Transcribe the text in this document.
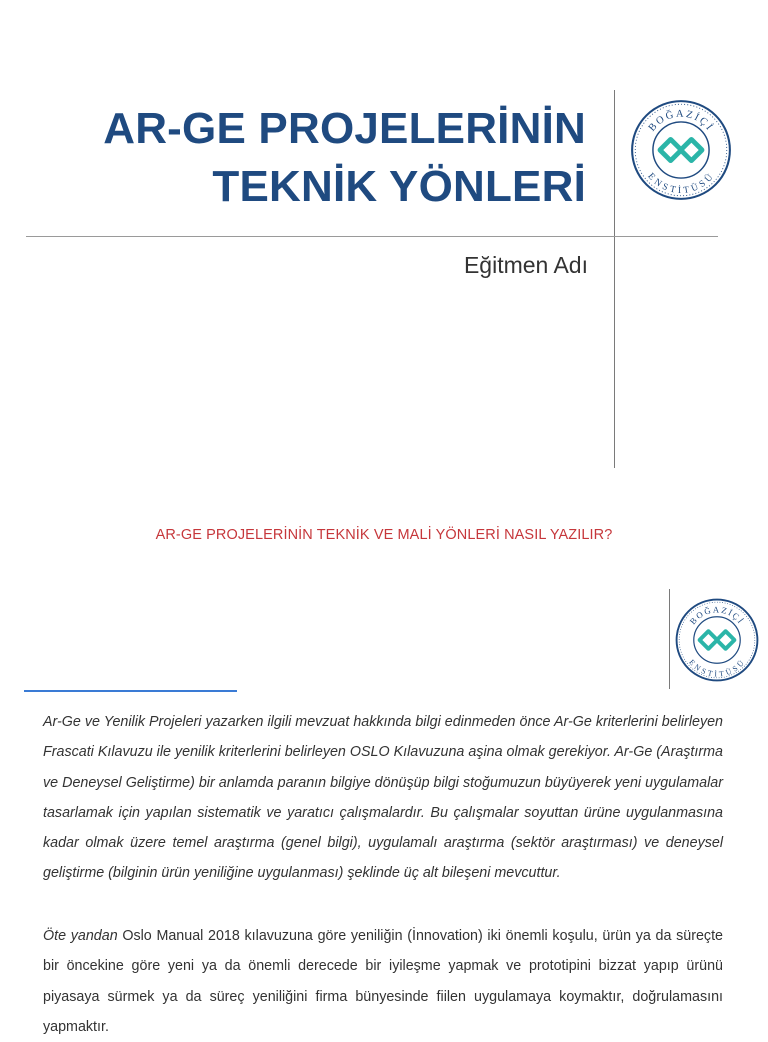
AR-GE PROJELERİNİN
TEKNİK YÖNLERİ
BOĞAZİÇİ
ENSTİTÜSÜ
Eğitmen Adı
AR-GE PROJELERİNİN TEKNİK VE MALİ YÖNLERİ NASIL YAZILIR?
BOĞAZİÇİ
ENSTİTÜSÜ

Ar-Ge ve Yenilik Projeleri yazarken ilgili mevzuat hakkında bilgi edinmeden önce Ar-Ge kriterlerini belirleyen Frascati Kılavuzu ile yenilik kriterlerini belirleyen OSLO Kılavuzuna aşina olmak gerekiyor. Ar-Ge (Araştırma ve Deneysel Geliştirme) bir anlamda paranın bilgiye dönüşüp bilgi stoğumuzun büyüyerek yeni uygulamalar tasarlamak için yapılan sistematik ve yaratıcı çalışmalardır. Bu çalışmalar soyuttan ürüne uygulanmasına kadar olmak üzere temel araştırma (genel bilgi), uygulamalı araştırma (sektör araştırması) ve deneysel geliştirme (bilginin ürün yeniliğine uygulanması) şeklinde üç alt bileşeni mevcuttur.

Öte yandan Oslo Manual 2018 kılavuzuna göre yeniliğin (İnnovation) iki önemli koşulu, ürün ya da süreçte bir öncekine göre yeni ya da önemli derecede bir iyileşme yapmak ve prototipini bizzat yapıp ürünü piyasaya sürmek ya da süreç yeniliğini firma bünyesinde fiilen uygulamaya koymaktır, doğrulamasını yapmaktır.
